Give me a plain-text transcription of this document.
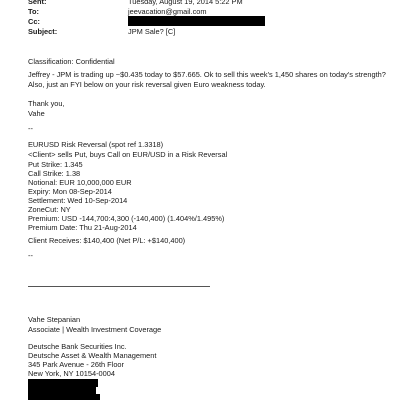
Sent:	Tuesday, August 19, 2014 5:22 PM
To:	jeevacation@gmail.com
Cc:
Subject:	JPM Sale? [C]
Classification: Confidential
Jeffrey - JPM is trading up ~$0.435 today to $57.665. Ok to sell this week's 1,450 shares on today's strength?
Also, just an FYI below on your risk reversal given Euro weakness today.
Thank you,
Vahe
--
EURUSD Risk Reversal (spot ref 1.3318)
<Client> sells Put, buys Call on EUR/USD in a Risk Reversal
Put Strike: 1.345
Call Strike: 1.38
Notional: EUR 10,000,000 EUR
Expiry: Mon 08-Sep-2014
Settlement: Wed 10-Sep-2014
ZoneCut: NY
Premium: USD -144,700:4,300 (-140,400) (1.404%/1.495%)
Premium Date: Thu 21-Aug-2014
Client Receives: $140,400 (Net P/L: +$140,400)
--
Vahe Stepanian
Associate | Wealth Investment Coverage
Deutsche Bank Securities Inc.
Deutsche Asset & Wealth Management
345 Park Avenue - 26th Floor
New York, NY 10154-0004
